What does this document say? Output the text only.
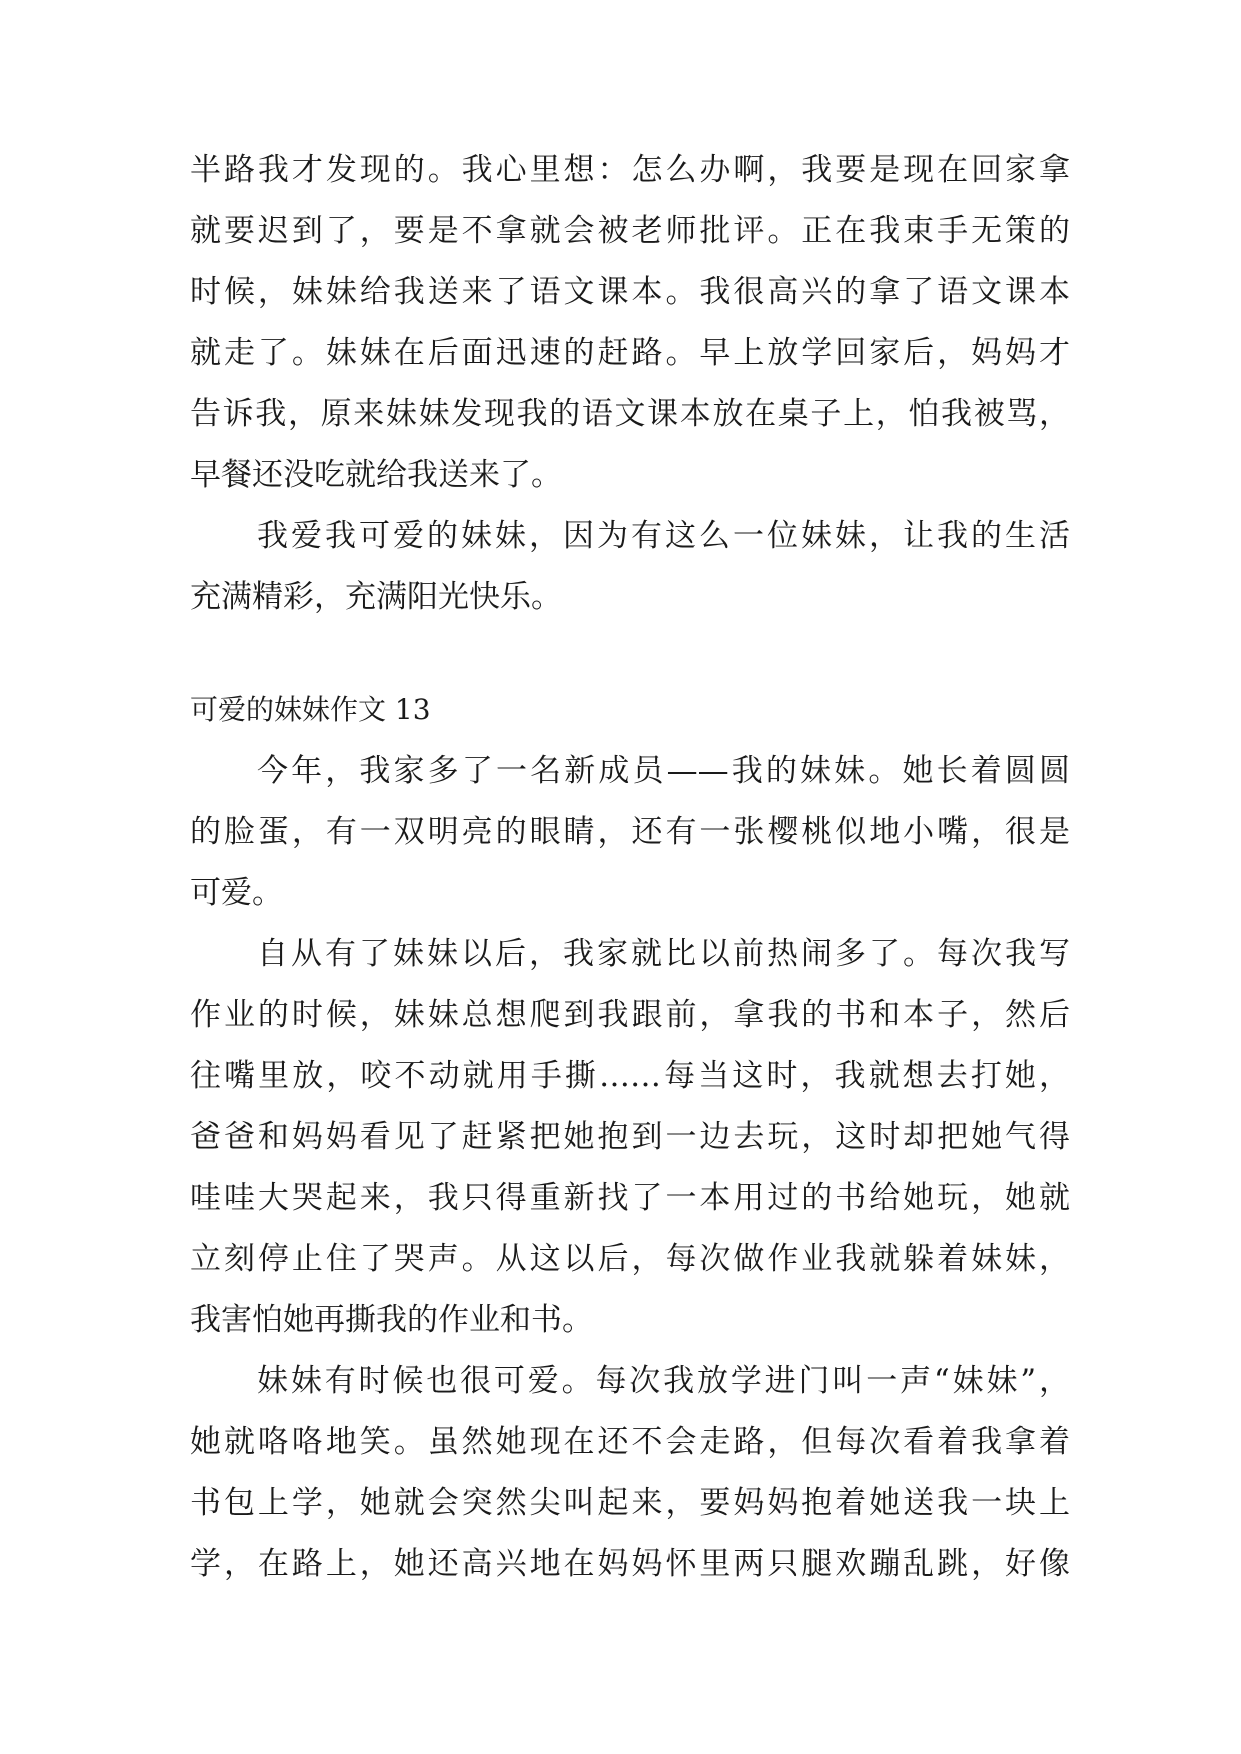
半路我才发现的。我心里想：怎么办啊，我要是现在回家拿
就要迟到了，要是不拿就会被老师批评。正在我束手无策的
时候，妹妹给我送来了语文课本。我很高兴的拿了语文课本
就走了。妹妹在后面迅速的赶路。早上放学回家后，妈妈才
告诉我，原来妹妹发现我的语文课本放在桌子上，怕我被骂，
早餐还没吃就给我送来了。
我爱我可爱的妹妹，因为有这么一位妹妹，让我的生活
充满精彩，充满阳光快乐。
可爱的妹妹作文 13
今年，我家多了一名新成员——我的妹妹。她长着圆圆
的脸蛋，有一双明亮的眼睛，还有一张樱桃似地小嘴，很是
可爱。
自从有了妹妹以后，我家就比以前热闹多了。每次我写
作业的时候，妹妹总想爬到我跟前，拿我的书和本子，然后
往嘴里放，咬不动就用手撕……每当这时，我就想去打她，
爸爸和妈妈看见了赶紧把她抱到一边去玩，这时却把她气得
哇哇大哭起来，我只得重新找了一本用过的书给她玩，她就
立刻停止住了哭声。从这以后，每次做作业我就躲着妹妹，
我害怕她再撕我的作业和书。
妹妹有时候也很可爱。每次我放学进门叫一声“妹妹”，
她就咯咯地笑。虽然她现在还不会走路，但每次看着我拿着
书包上学，她就会突然尖叫起来，要妈妈抱着她送我一块上
学，在路上，她还高兴地在妈妈怀里两只腿欢蹦乱跳，好像
